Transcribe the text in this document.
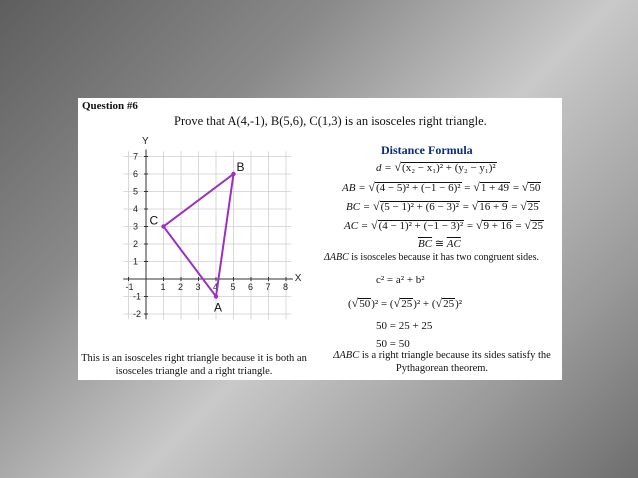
Question #6
Prove that A(4,-1), B(5,6), C(1,3) is an isosceles right triangle.
-1	1 2 3 4 5 6 7 8
7
6
5
4
3
2
1
-1
-2
Y
X
A
B
C
Distance Formula
d = √(x₂ − x₁)² + (y₂ − y₁)²
AB = √(4 − 5)² + (−1 − 6)² = √1 + 49 = √50
BC = √(5 − 1)² + (6 − 3)² = √16 + 9 = √25
AC = √(4 − 1)² + (−1 − 3)² = √9 + 16 = √25
$\overline{BC}$ ≅ $\overline{AC}$
ΔABC is isosceles because it has two congruent sides.
c² = a² + b²
(√50)² = (√25)² + (√25)²
50 = 25 + 25
50 = 50
ΔABC is a right triangle because its sides satisfy the Pythagorean theorem.
This is an isosceles right triangle because it is both an isosceles triangle and a right triangle.
